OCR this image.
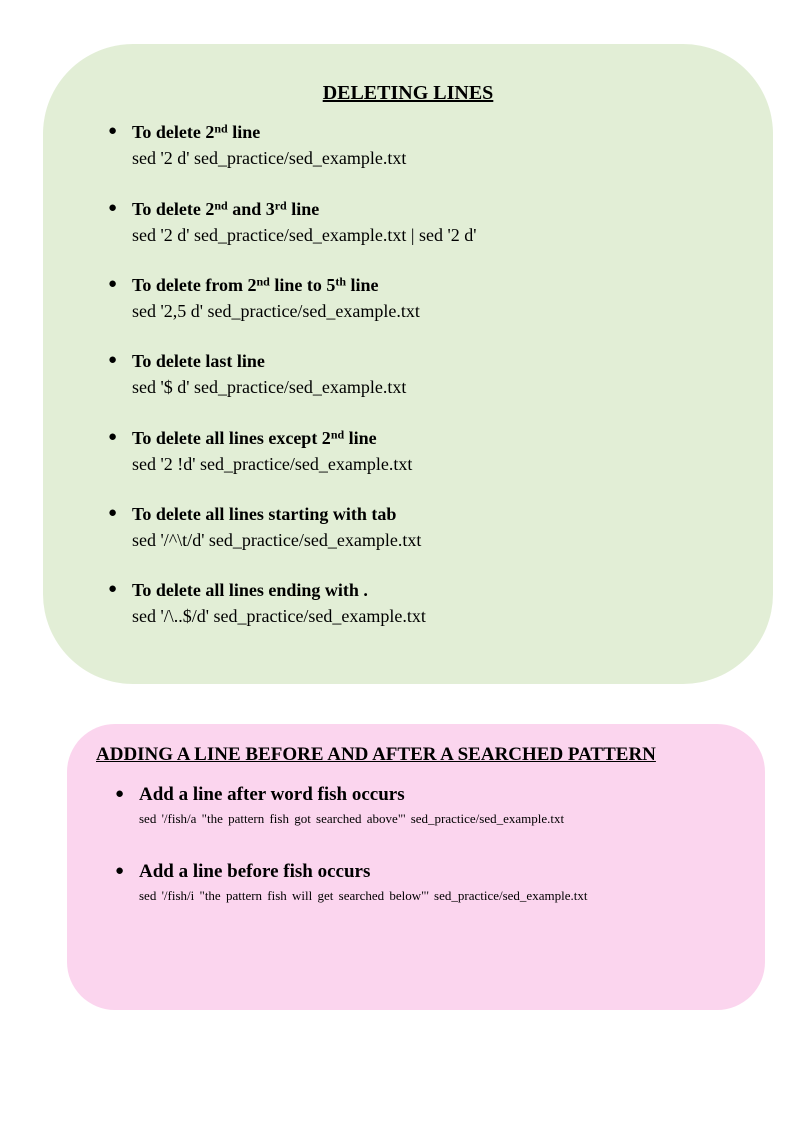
DELETING LINES
● To delete 2nd line
sed '2 d' sed_practice/sed_example.txt
● To delete 2nd and 3rd line
sed '2 d' sed_practice/sed_example.txt | sed '2 d'
● To delete from 2nd line to 5th line
sed '2,5 d' sed_practice/sed_example.txt
● To delete last line
sed '$ d' sed_practice/sed_example.txt
● To delete all lines except 2nd line
sed '2 !d' sed_practice/sed_example.txt
● To delete all lines starting with tab
sed '/^\t/d' sed_practice/sed_example.txt
● To delete all lines ending with .
sed '/\..$/d' sed_practice/sed_example.txt
ADDING A LINE BEFORE AND AFTER A SEARCHED PATTERN
● Add a line after word fish occurs
sed '/fish/a "the pattern fish got searched above"' sed_practice/sed_example.txt
● Add a line before fish occurs
sed '/fish/i "the pattern fish will get searched below"' sed_practice/sed_example.txt
